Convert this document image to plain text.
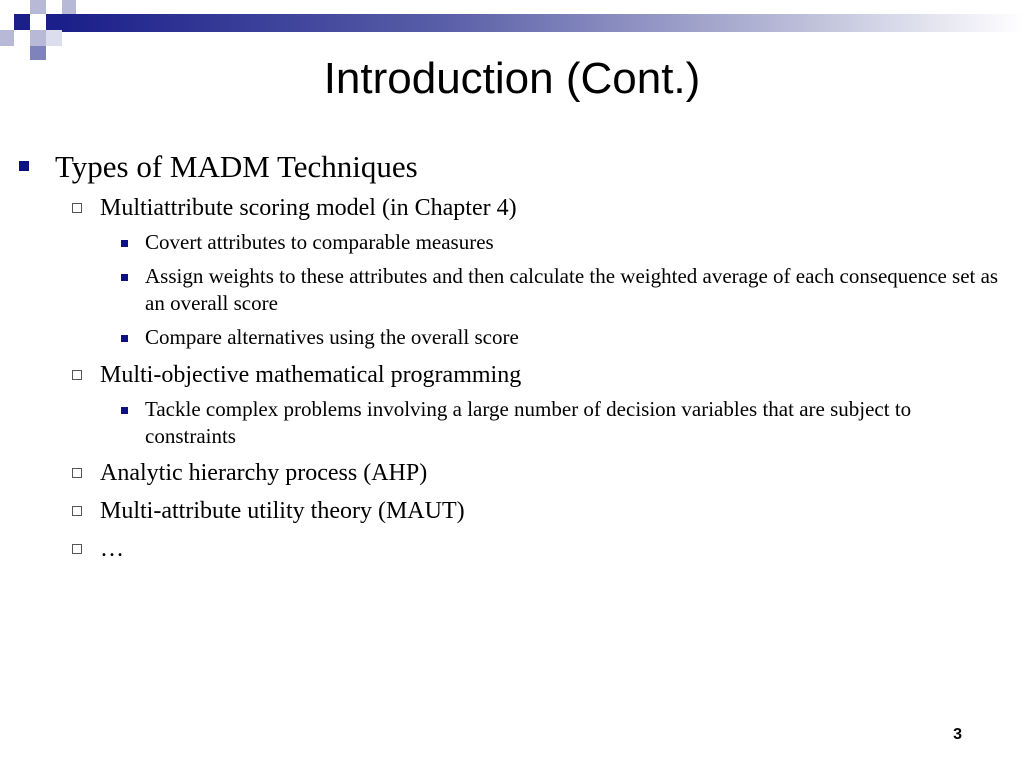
Introduction (Cont.)
Types of MADM Techniques
Multiattribute scoring model (in Chapter 4)
Covert attributes to comparable measures
Assign weights to these attributes and then calculate the weighted average of each consequence set as an overall score
Compare alternatives using the overall score
Multi-objective mathematical programming
Tackle complex problems involving a large number of decision variables that are subject to constraints
Analytic hierarchy process (AHP)
Multi-attribute utility theory (MAUT)
…
3
